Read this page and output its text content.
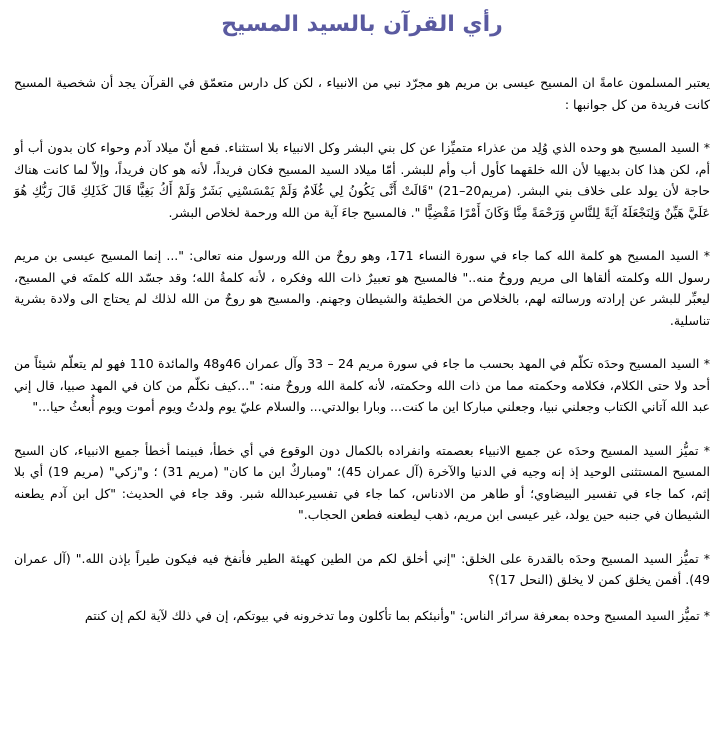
رأي القرآن بالسيد المسيح

يعتبر المسلمون عامةً ان المسيح عيسى بن مريم هو مجرّد نبي من الانبياء ، لكن كل دارس متعمّق في القرآن يجد أن شخصية المسيح كانت فريدة من كل جوانبها :

* السيد المسيح هو وحده الذي وُلِد من عذراء متميِّزا عن كل بني البشر وكل الانبياء بلا استثناء. فمع أنّ ميلاد آدم وحواء كان بدون أب أو أم، لكن هذا كان بديهيا لأن الله خلقهما كأول أب وأم للبشر. أمّا ميلاد السيد المسيح فكان فريداً، لأنه هو كان فريداً، وإلاّ لما كانت هناك حاجة لأن يولد على خلاف بني البشر. (مريم20–21) "قَالَتْ أَنَّى يَكُونُ لِي غُلَامٌ وَلَمْ يَمْسَسْنِي بَشَرٌ وَلَمْ أَكُ بَغِيًّا قَالَ كَذَلِكِ قَالَ رَبُّكِ هُوَ عَلَيَّ هَيِّنٌ وَلِنَجْعَلَهُ آيَةً لِلنَّاسِ وَرَحْمَةً مِنَّا وَكَانَ أَمْرًا مَقْضِيًّا ". فالمسيح جاءَ آية من الله ورحمة لخلاص البشر.

* السيد المسيح هو كلمة الله كما جاء في سورة النساء 171، وهو روحٌ من الله ورسول منه تعالى: "... إنما المسيح عيسى بن مريم رسول الله وكلمته ألقاها الى مريم وروحٌ منه.." فالمسيح هو تعبيرٌ ذات الله وفكره ، لأنه كلمةُ الله؛ وقد جسّد الله كلمتَه في المسيح، ليعبِّر للبشر عن إرادته ورسالته لهم، بالخلاص من الخطيئة والشيطان وجهنم. والمسيح هو روحٌ من الله لذلك لم يحتاج الى ولادة بشرية تناسلية.

* السيد المسيح وحدَه تكلّم في المهد بحسب ما جاء في سورة مريم 24 – 33 وآل عمران 46و48 والمائدة 110 فهو لم يتعلّم شيئاً من أحد ولا حتى الكلام، فكلامه وحكمته مما من ذات الله وحكمته، لأنه كلمة الله وروحٌ منه: "...كيف نكلّم من كان في المهد صبيا، قال إني عبد الله آتاني الكتاب وجعلني نبيا، وجعلني مباركا اين ما كنت... وبارا بوالدتي... والسلام عليّ يوم ولدتُ ويوم أموت ويوم أُبعثُ حيا..."

* تميُّز السيد المسيح وحدَه عن جميع الانبياء بعصمته وانفراده بالكمال دون الوقوع في أي خطأ، فبينما أخطأ جميع الانبياء، كان السيح المسيح المستثنى الوحيد إذ إنه وجيه في الدنيا والآخرة (آل عمران 45)؛ "ومباركٌ اين ما كان" (مريم 31) ؛ و"زكي" (مريم 19) أي بلا إثم، كما جاء في تفسير البيضاوي؛ أو طاهر من الادناس، كما جاء في تفسيرعبدالله شبر. وقد جاء في الحديث: "كل ابن آدم يطعنه الشيطان في جنبه حين يولد، غير عيسى ابن مريم، ذهب ليطعنه فطعن الحجاب."

* تميُّز السيد المسيح وحدَه بالقدرة على الخلق: "إني أخلق لكم من الطين كهيئة الطير فأنفخ فيه فيكون طيراً بإذن الله." (آل عمران 49). أفمن يخلق كمن لا يخلق (النحل 17)؟

* تميُّز السيد المسيح وحده بمعرفة سرائر الناس: "وأنبئكم بما تأكلون وما تدخرونه في بيوتكم، إن في ذلك لآية لكم إن كنتم
